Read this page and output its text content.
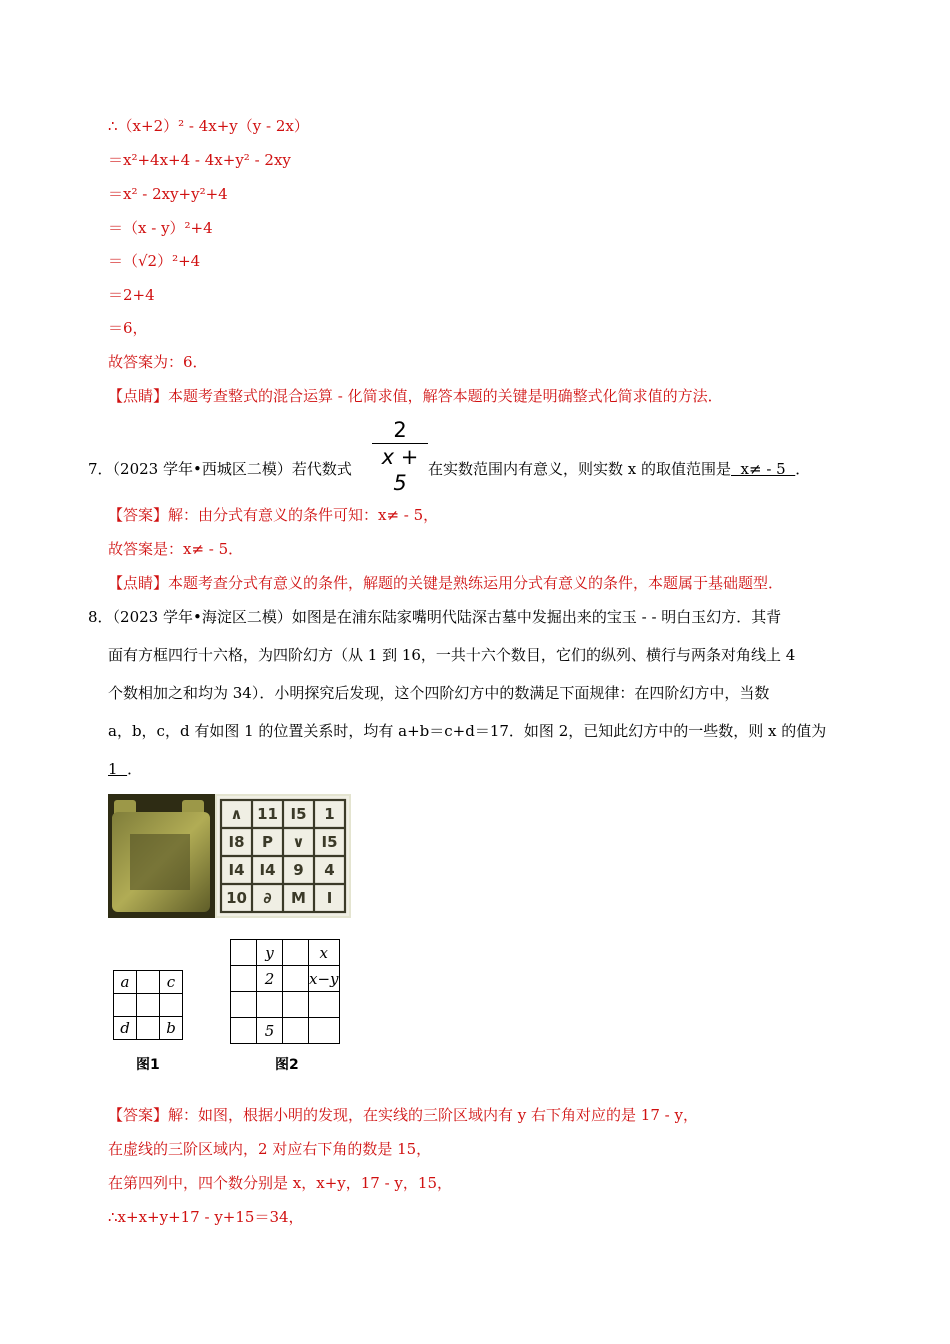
∴（x+2）² - 4x+y（y - 2x）
＝x²+4x+4 - 4x+y² - 2xy
＝x² - 2xy+y²+4
＝（x - y）²+4
＝（√2）²+4
＝2+4
＝6，
故答案为：6．
【点睛】本题考查整式的混合运算 - 化简求值，解答本题的关键是明确整式化简求值的方法．
7．（2023 学年•西城区二模）若代数式
2
x + 5
在实数范围内有意义，则实数 x 的取值范围是  x≠ - 5  ．
【答案】解：由分式有意义的条件可知：x≠ - 5，
故答案是：x≠ - 5．
【点睛】本题考查分式有意义的条件，解题的关键是熟练运用分式有意义的条件，本题属于基础题型．
8．（2023 学年•海淀区二模）如图是在浦东陆家嘴明代陆深古墓中发掘出来的宝玉 - - 明白玉幻方．其背
面有方框四行十六格，为四阶幻方（从 1 到 16，一共十六个数目，它们的纵列、横行与两条对角线上 4
个数相加之和均为 34）．小明探究后发现，这个四阶幻方中的数满足下面规律：在四阶幻方中，当数
a，b，c，d 有如图 1 的位置关系时，均有 a+b＝c+d＝17．如图 2，已知此幻方中的一些数，则 x 的值为
1  ．
∧ 11 I5 1
I8 P ∨ I5
I4 I4 9 4
10 ∂ M I
a		c

d		b
图1
	y		x
	2		x−y

	5		
图2
【答案】解：如图，根据小明的发现，在实线的三阶区域内有 y 右下角对应的是 17 - y，
在虚线的三阶区域内，2 对应右下角的数是 15，
在第四列中，四个数分别是 x，x+y，17 - y，15，
∴x+x+y+17 - y+15＝34，
